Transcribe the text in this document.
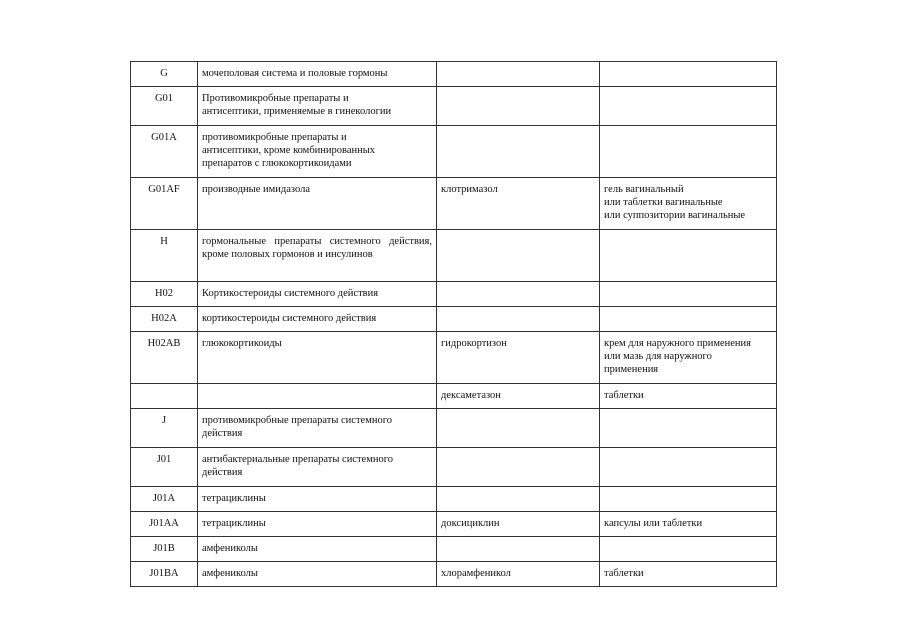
G	мочеполовая система и половые гормоны		
G01	Противомикробные препараты и
антисептики, применяемые в гинекологии		
G01A	противомикробные препараты и
антисептики, кроме комбинированных
препаратов с глюкокортикоидами		
G01AF	производные имидазола	клотримазол	гель вагинальный
или таблетки вагинальные
или суппозитории вагинальные
H	гормональные препараты системного действия, кроме половых гормонов и инсулинов		
H02	Кортикостероиды системного действия		
H02A	кортикостероиды системного действия		
H02AB	глюкокортикоиды	гидрокортизон	крем для наружного применения
или мазь для наружного
применения
		дексаметазон	таблетки
J	противомикробные препараты системного
действия		
J01	антибактериальные препараты системного
действия		
J01A	тетрациклины		
J01AA	тетрациклины	доксициклин	капсулы или таблетки
J01B	амфениколы		
J01BA	амфениколы	хлорамфеникол	таблетки
